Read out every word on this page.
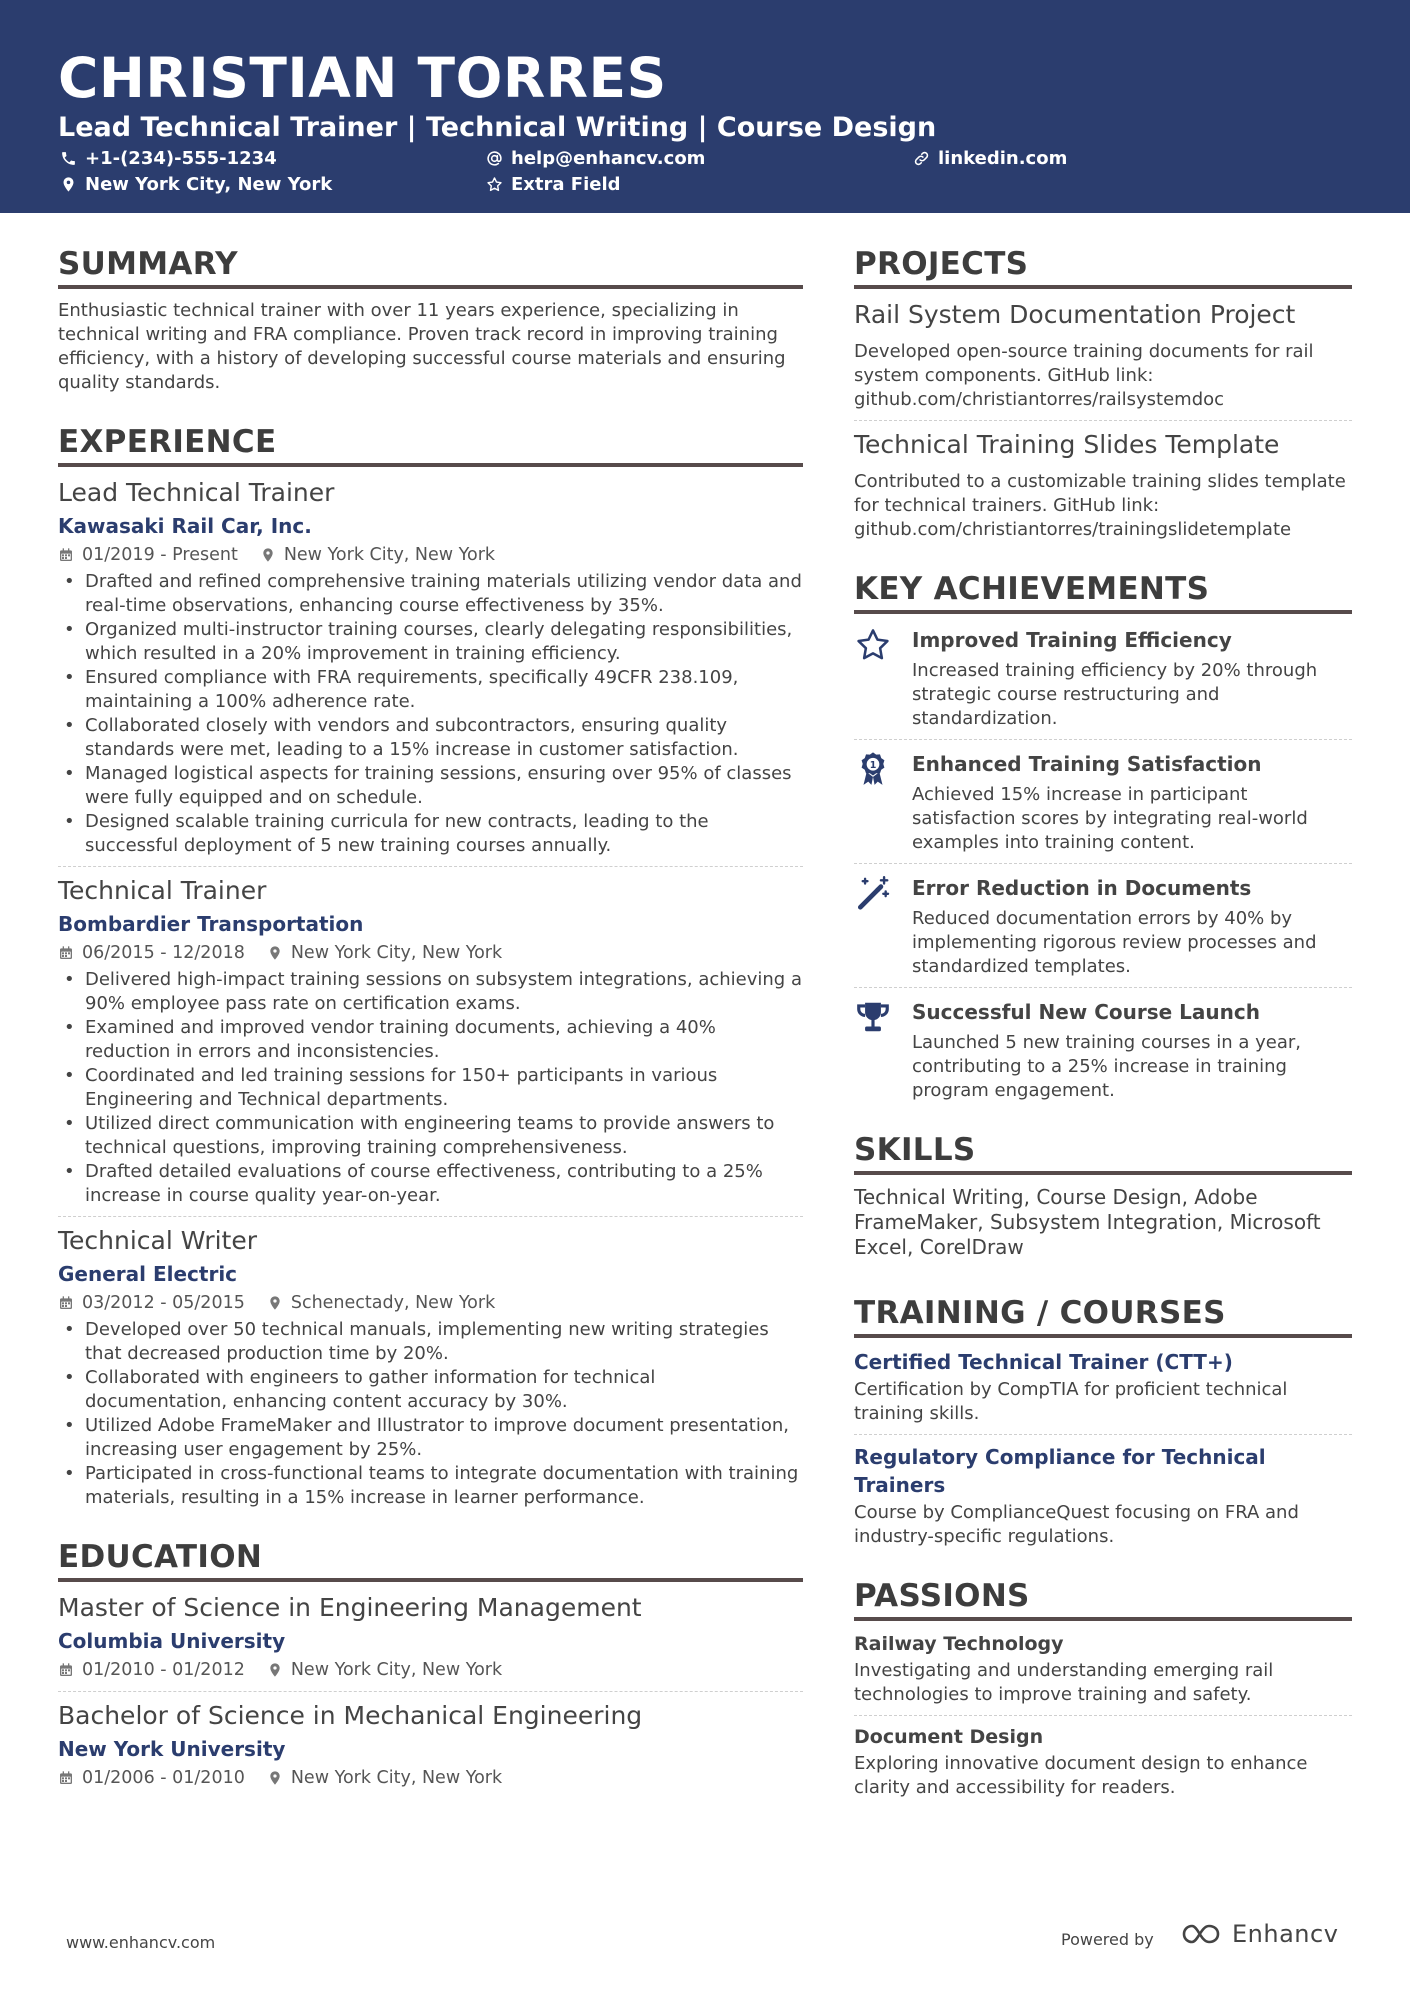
CHRISTIAN TORRES
Lead Technical Trainer | Technical Writing | Course Design
+1-(234)-555-1234	help@enhancv.com	linkedin.com
New York City, New York	Extra Field
SUMMARY
Enthusiastic technical trainer with over 11 years experience, specializing in technical writing and FRA compliance. Proven track record in improving training efficiency, with a history of developing successful course materials and ensuring quality standards.
EXPERIENCE
Lead Technical Trainer
Kawasaki Rail Car, Inc.
01/2019 - Present	New York City, New York
• Drafted and refined comprehensive training materials utilizing vendor data and real-time observations, enhancing course effectiveness by 35%.
• Organized multi-instructor training courses, clearly delegating responsibilities, which resulted in a 20% improvement in training efficiency.
• Ensured compliance with FRA requirements, specifically 49CFR 238.109, maintaining a 100% adherence rate.
• Collaborated closely with vendors and subcontractors, ensuring quality standards were met, leading to a 15% increase in customer satisfaction.
• Managed logistical aspects for training sessions, ensuring over 95% of classes were fully equipped and on schedule.
• Designed scalable training curricula for new contracts, leading to the successful deployment of 5 new training courses annually.
Technical Trainer
Bombardier Transportation
06/2015 - 12/2018	New York City, New York
• Delivered high-impact training sessions on subsystem integrations, achieving a 90% employee pass rate on certification exams.
• Examined and improved vendor training documents, achieving a 40% reduction in errors and inconsistencies.
• Coordinated and led training sessions for 150+ participants in various Engineering and Technical departments.
• Utilized direct communication with engineering teams to provide answers to technical questions, improving training comprehensiveness.
• Drafted detailed evaluations of course effectiveness, contributing to a 25% increase in course quality year-on-year.
Technical Writer
General Electric
03/2012 - 05/2015	Schenectady, New York
• Developed over 50 technical manuals, implementing new writing strategies that decreased production time by 20%.
• Collaborated with engineers to gather information for technical documentation, enhancing content accuracy by 30%.
• Utilized Adobe FrameMaker and Illustrator to improve document presentation, increasing user engagement by 25%.
• Participated in cross-functional teams to integrate documentation with training materials, resulting in a 15% increase in learner performance.
EDUCATION
Master of Science in Engineering Management
Columbia University
01/2010 - 01/2012	New York City, New York
Bachelor of Science in Mechanical Engineering
New York University
01/2006 - 01/2010	New York City, New York
PROJECTS
Rail System Documentation Project
Developed open-source training documents for rail system components. GitHub link: github.com/christiantorres/railsystemdoc
Technical Training Slides Template
Contributed to a customizable training slides template for technical trainers. GitHub link: github.com/christiantorres/trainingslidetemplate
KEY ACHIEVEMENTS
Improved Training Efficiency
Increased training efficiency by 20% through strategic course restructuring and standardization.
1 Enhanced Training Satisfaction
Achieved 15% increase in participant satisfaction scores by integrating real-world examples into training content.
Error Reduction in Documents
Reduced documentation errors by 40% by implementing rigorous review processes and standardized templates.
Successful New Course Launch
Launched 5 new training courses in a year, contributing to a 25% increase in training program engagement.
SKILLS
Technical Writing, Course Design, Adobe FrameMaker, Subsystem Integration, Microsoft Excel, CorelDraw
TRAINING / COURSES
Certified Technical Trainer (CTT+)
Certification by CompTIA for proficient technical training skills.
Regulatory Compliance for Technical Trainers
Course by ComplianceQuest focusing on FRA and industry-specific regulations.
PASSIONS
Railway Technology
Investigating and understanding emerging rail technologies to improve training and safety.
Document Design
Exploring innovative document design to enhance clarity and accessibility for readers.
www.enhancv.com	Powered by	Enhancv
